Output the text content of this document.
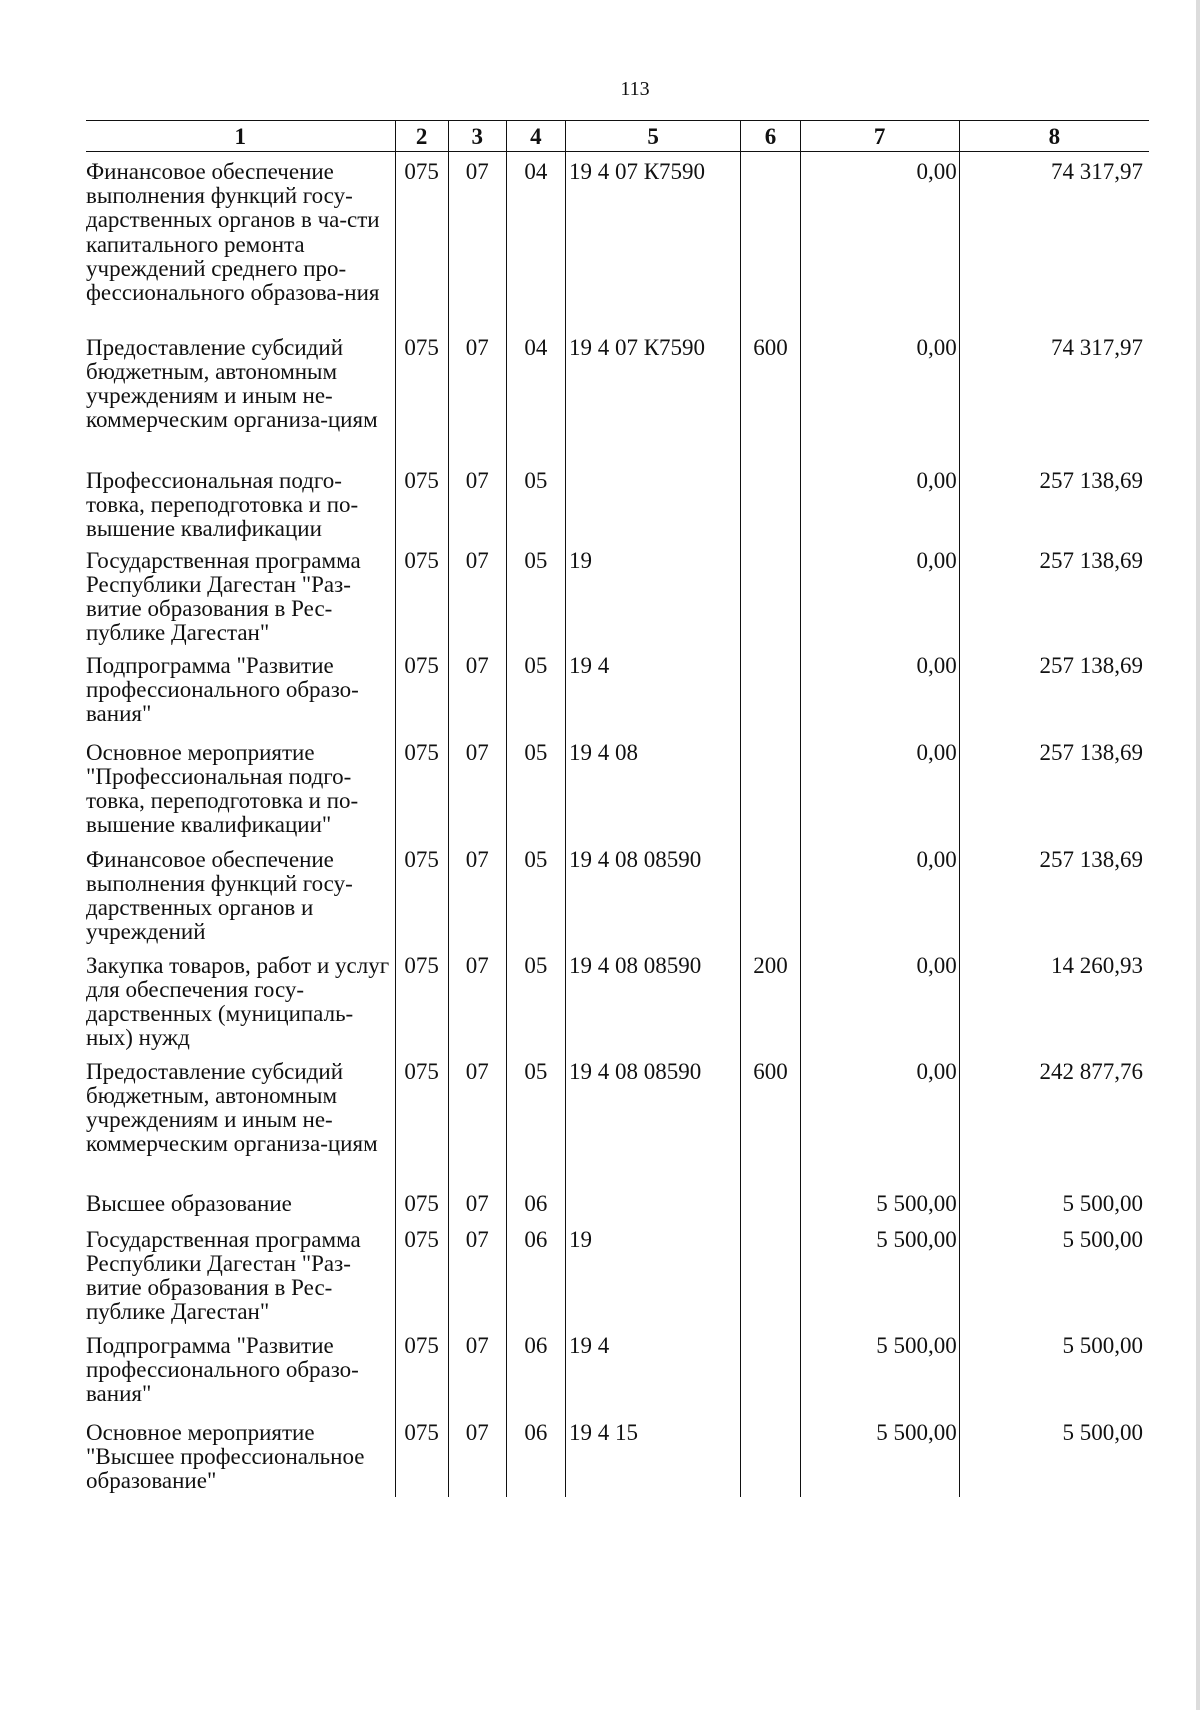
113
1	2	3	4	5	6	7	8
Финансовое обеспечение выполнения функций госу-дарственных органов в ча-сти капитального ремонта учреждений среднего про-фессионального образова-ния	075	07	04	19 4 07 К7590		0,00	74 317,97
Предоставление субсидий бюджетным, автономным учреждениям и иным не-коммерческим организа-циям	075	07	04	19 4 07 К7590	600	0,00	74 317,97
Профессиональная подго-товка, переподготовка и по-вышение квалификации	075	07	05			0,00	257 138,69
Государственная программа Республики Дагестан "Раз-витие образования в Рес-публике Дагестан"	075	07	05	19		0,00	257 138,69
Подпрограмма "Развитие профессионального образо-вания"	075	07	05	19 4		0,00	257 138,69
Основное мероприятие "Профессиональная подго-товка, переподготовка и по-вышение квалификации"	075	07	05	19 4 08		0,00	257 138,69
Финансовое обеспечение выполнения функций госу-дарственных органов и учреждений	075	07	05	19 4 08 08590		0,00	257 138,69
Закупка товаров, работ и услуг для обеспечения госу-дарственных (муниципаль-ных) нужд	075	07	05	19 4 08 08590	200	0,00	14 260,93
Предоставление субсидий бюджетным, автономным учреждениям и иным не-коммерческим организа-циям	075	07	05	19 4 08 08590	600	0,00	242 877,76
Высшее образование	075	07	06			5 500,00	5 500,00
Государственная программа Республики Дагестан "Раз-витие образования в Рес-публике Дагестан"	075	07	06	19		5 500,00	5 500,00
Подпрограмма "Развитие профессионального образо-вания"	075	07	06	19 4		5 500,00	5 500,00
Основное мероприятие "Высшее профессиональное образование"	075	07	06	19 4 15		5 500,00	5 500,00
